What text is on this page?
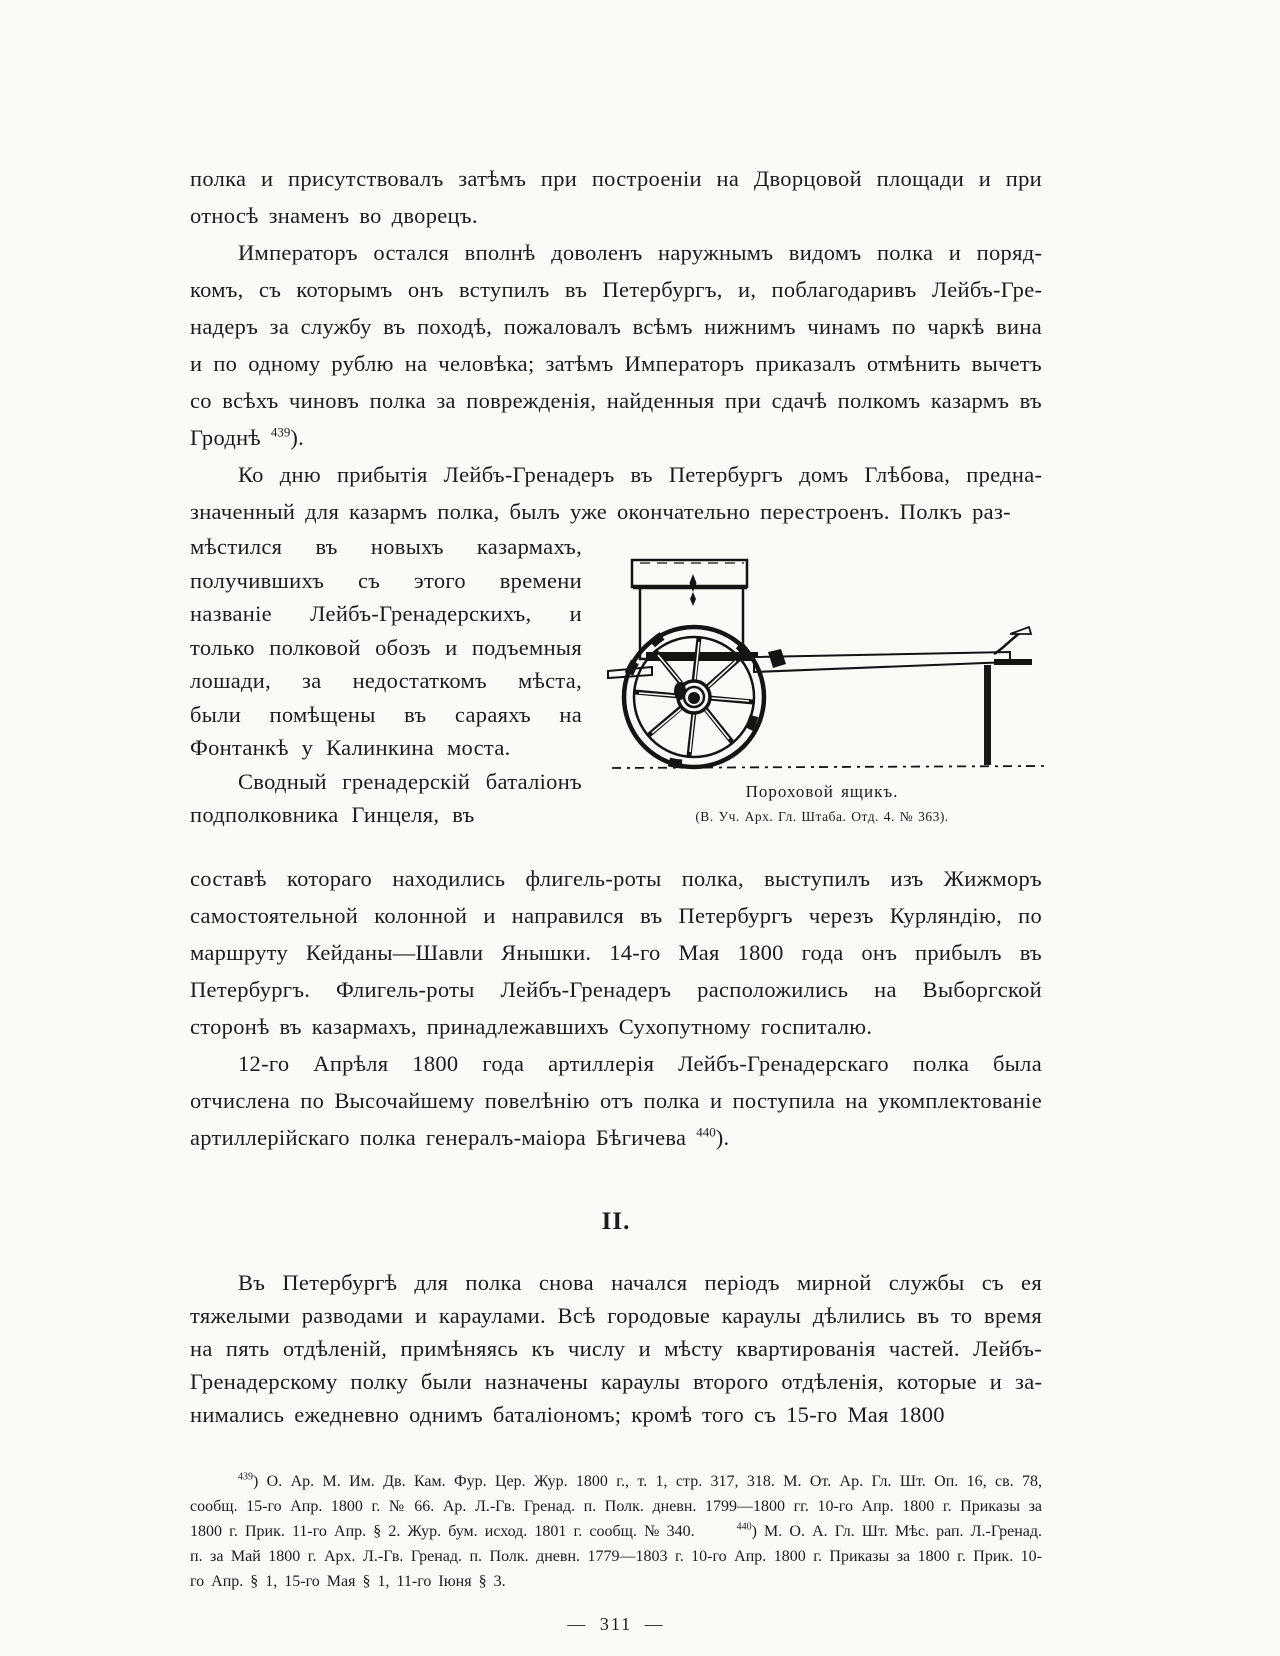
полка и присутствовалъ затѣмъ при построеніи на Дворцовой площади и при относѣ знаменъ во дворецъ.

Императоръ остался вполнѣ доволенъ наружнымъ видомъ полка и порядкомъ, съ которымъ онъ вступилъ въ Петербургъ, и, поблагодаривъ Лейбъ-Гренадеръ за службу въ походѣ, пожаловалъ всѣмъ нижнимъ чинамъ по чаркѣ вина и по одному рублю на человѣка; затѣмъ Императоръ приказалъ отмѣнить вычетъ со всѣхъ чиновъ полка за поврежденія, найденныя при сдачѣ полкомъ казармъ въ Гроднѣ $^{439}$).

Ко дню прибытія Лейбъ-Гренадеръ въ Петербургъ домъ Глѣбова, предназначенный для казармъ полка, былъ уже окончательно перестроенъ. Полкъ раз-

мѣстился въ новыхъ казармахъ, получившихъ съ этого времени названіе Лейбъ-Гренадерскихъ, и только полковой обозъ и подъемныя лошади, за недостаткомъ мѣста, были помѣщены въ сараяхъ на Фонтанкѣ у Калинкина моста.

Сводный гренадерскій баталіонъ подполковника Гинцеля, въ

Пороховой ящикъ.
(В. Уч. Арх. Гл. Штаба. Отд. 4. № 363).

составѣ котораго находились флигель-роты полка, выступилъ изъ Жижморъ самостоятельной колонной и направился въ Петербургъ черезъ Курляндію, по маршруту Кейданы—Шавли Янышки. 14-го Мая 1800 года онъ прибылъ въ Петербургъ. Флигель-роты Лейбъ-Гренадеръ расположились на Выборгской сторонѣ въ казармахъ, принадлежавшихъ Сухопутному госпиталю.

12-го Апрѣля 1800 года артиллерія Лейбъ-Гренадерскаго полка была отчислена по Высочайшему повелѣнію отъ полка и поступила на укомплектованіе артиллерійскаго полка генералъ-маіора Бѣгичева $^{440}$).

II.

Въ Петербургѣ для полка снова начался періодъ мирной службы съ ея тяжелыми разводами и караулами. Всѣ городовые караулы дѣлились въ то время на пять отдѣленій, примѣняясь къ числу и мѣсту квартированія частей. Лейбъ-Гренадерскому полку были назначены караулы второго отдѣленія, которые и занимались ежедневно однимъ баталіономъ; кромѣ того съ 15-го Мая 1800

$^{439}$) О. Ар. М. Им. Дв. Кам. Фур. Цер. Жур. 1800 г., т. 1, стр. 317, 318. М. От. Ар. Гл. Шт. Оп. 16, св. 78, сообщ. 15-го Апр. 1800 г. № 66. Ар. Л.-Гв. Гренад. п. Полк. дневн. 1799—1800 гг. 10-го Апр. 1800 г. Приказы за 1800 г. Прик. 11-го Апр. § 2. Жур. бум. исход. 1801 г. сообщ. № 340.	$^{440}$) М. О. А. Гл. Шт. Мѣс. рап. Л.-Гренад. п. за Май 1800 г. Арх. Л.-Гв. Гренад. п. Полк. дневн. 1779—1803 г. 10-го Апр. 1800 г. Приказы за 1800 г. Прик. 10-го Апр. § 1, 15-го Мая § 1, 11-го Іюня § 3.
— 311 —
